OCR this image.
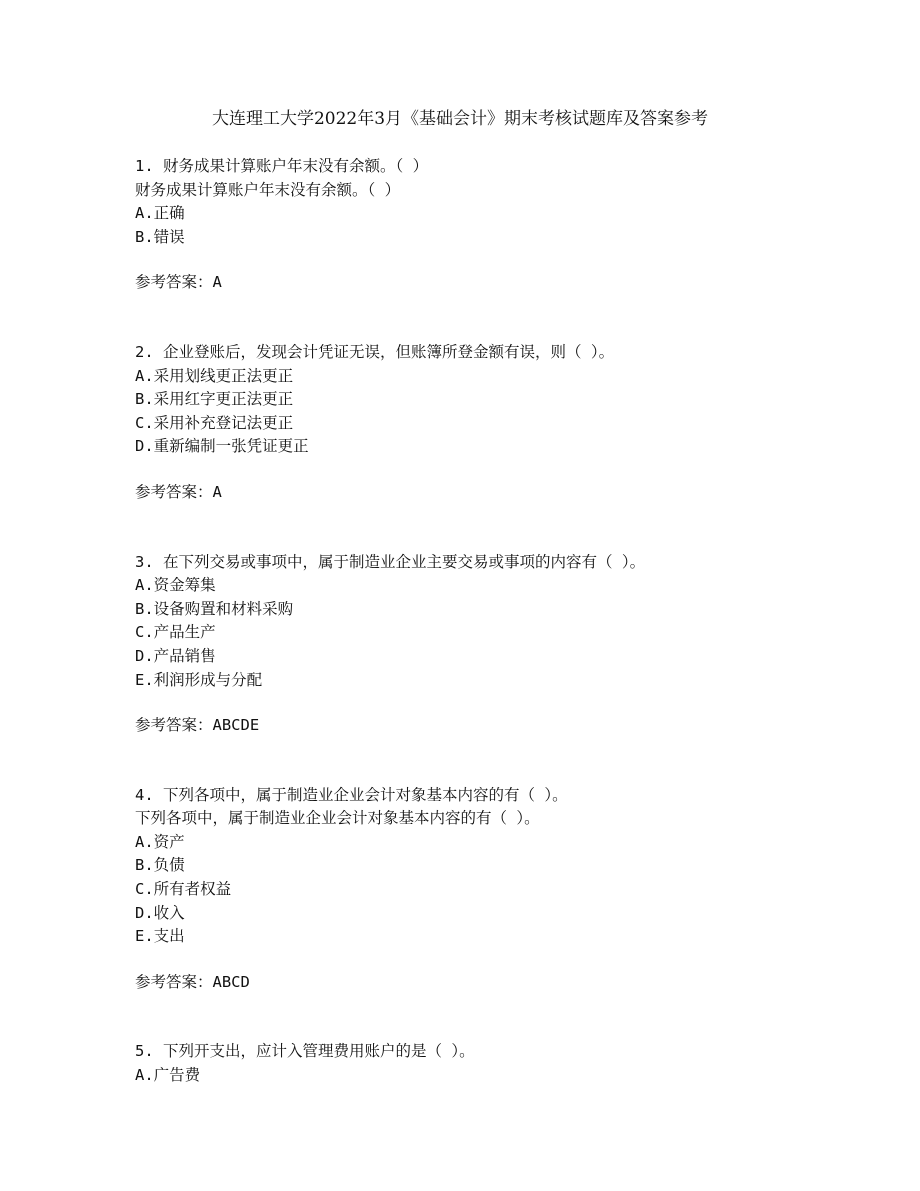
大连理工大学2022年3月《基础会计》期末考核试题库及答案参考
1. 财务成果计算账户年末没有余额。（ ）
财务成果计算账户年末没有余额。（ ）
A.正确
B.错误
参考答案：A
2. 企业登账后，发现会计凭证无误，但账簿所登金额有误，则（ ）。
A.采用划线更正法更正
B.采用红字更正法更正
C.采用补充登记法更正
D.重新编制一张凭证更正
参考答案：A
3. 在下列交易或事项中，属于制造业企业主要交易或事项的内容有（ ）。
A.资金筹集
B.设备购置和材料采购
C.产品生产
D.产品销售
E.利润形成与分配
参考答案：ABCDE
4. 下列各项中，属于制造业企业会计对象基本内容的有（ ）。
下列各项中，属于制造业企业会计对象基本内容的有（ ）。
A.资产
B.负债
C.所有者权益
D.收入
E.支出
参考答案：ABCD
5. 下列开支出，应计入管理费用账户的是（ ）。
A.广告费
